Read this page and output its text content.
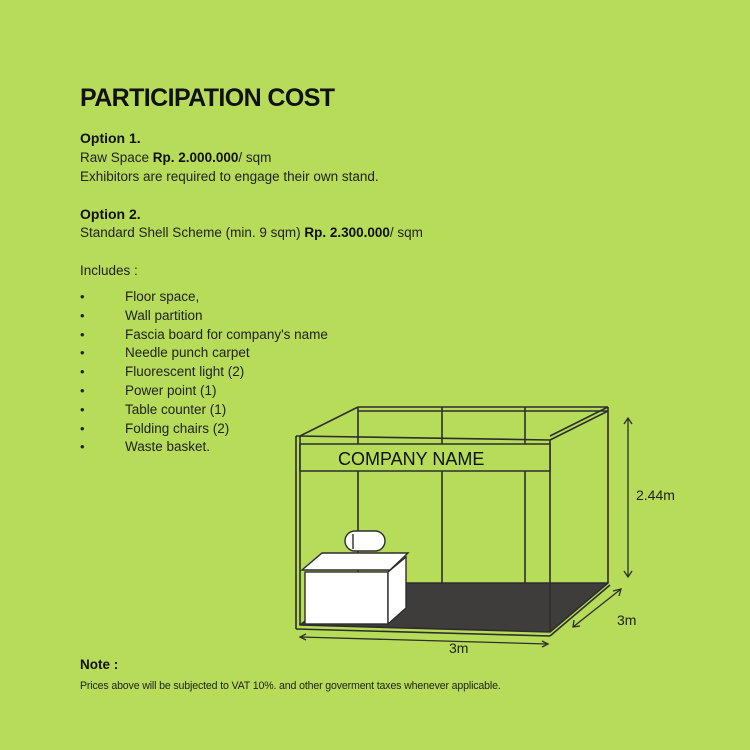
PARTICIPATION COST
Option 1.
Raw Space Rp. 2.000.000/ sqm
Exhibitors are required to engage their own stand.
Option 2.
Standard Shell Scheme (min. 9 sqm) Rp. 2.300.000/ sqm
Includes :
•	Floor space,
•	Wall partition
•	Fascia board for company's name
•	Needle punch carpet
•	Fluorescent light (2)
•	Power point (1)
•	Table counter (1)
•	Folding chairs (2)
•	Waste basket.
COMPANY NAME
2.44m
3m
3m
Note :
Prices above will be subjected to VAT 10%. and other goverment taxes whenever applicable.
